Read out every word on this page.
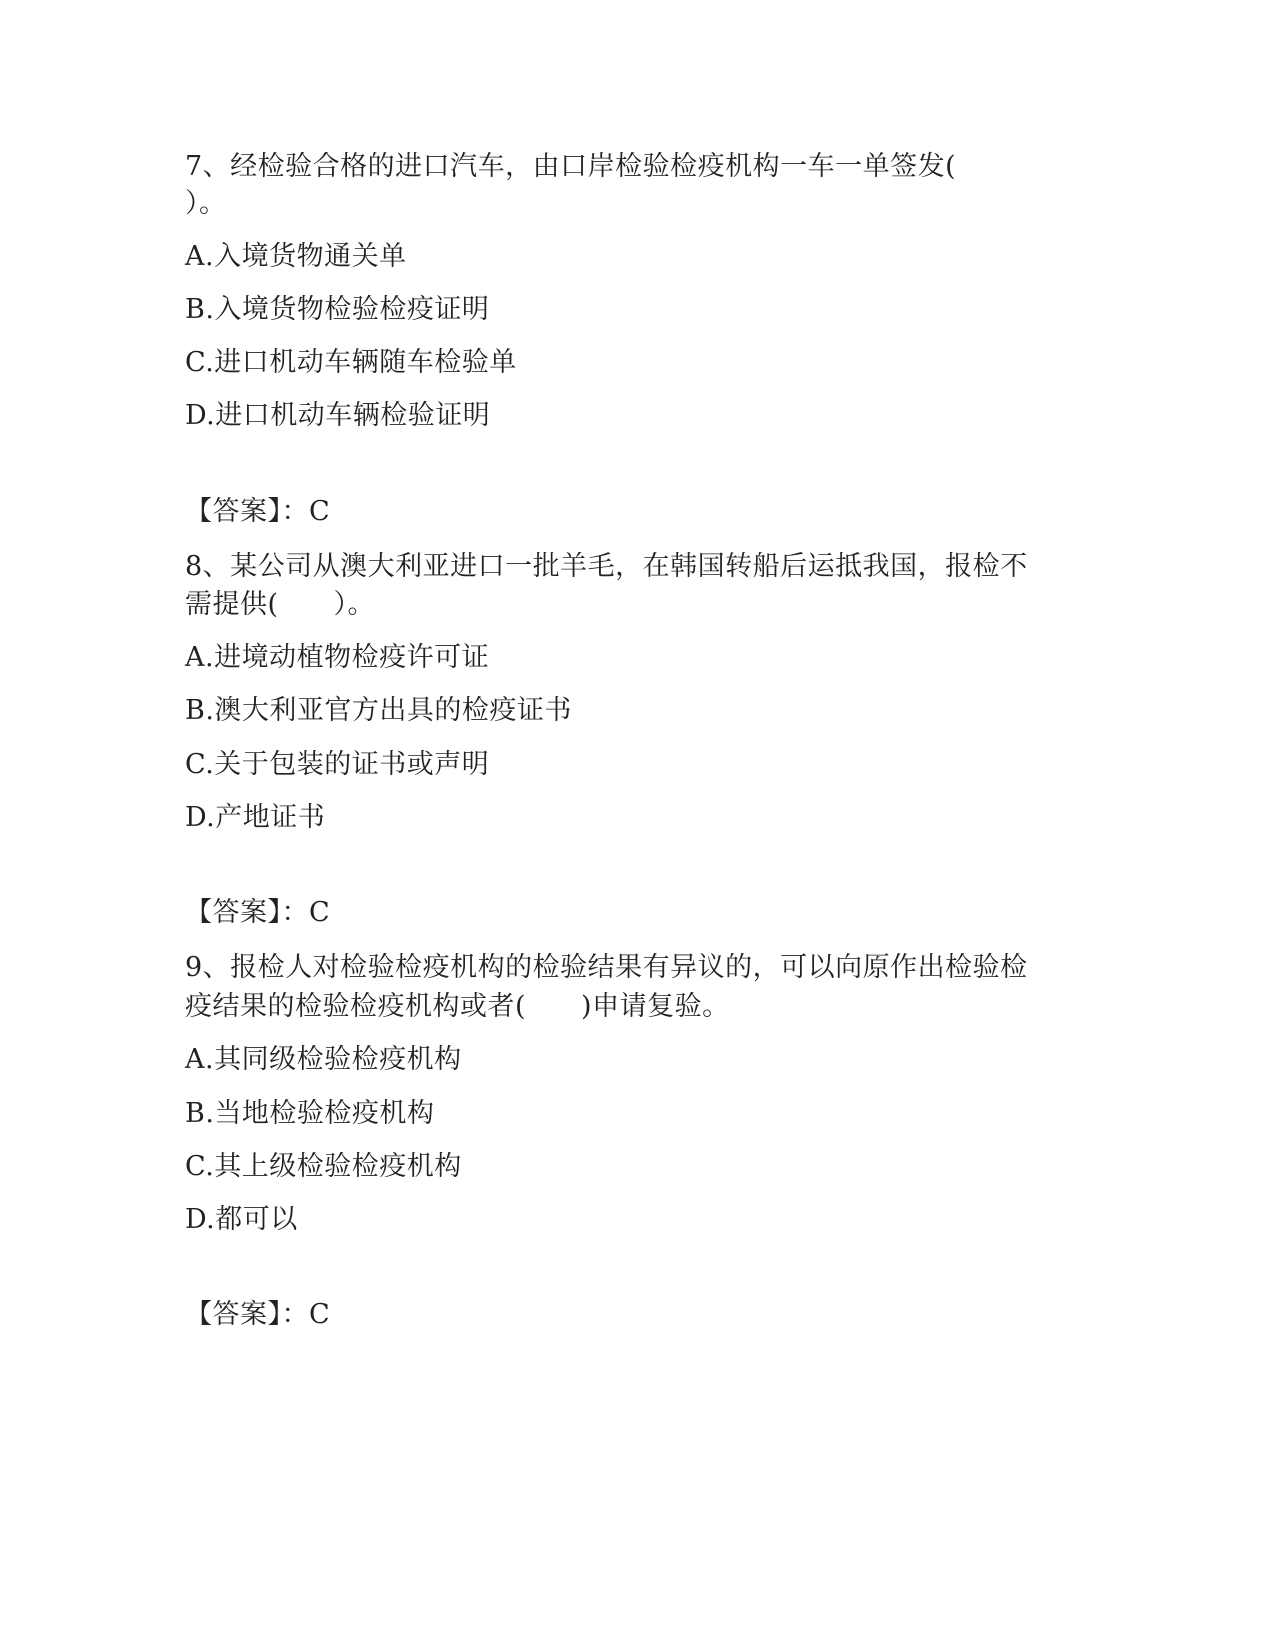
7、经检验合格的进口汽车，由口岸检验检疫机构一车一单签发(
）。
A.入境货物通关单
B.入境货物检验检疫证明
C.进口机动车辆随车检验单
D.进口机动车辆检验证明
【答案】：C
8、某公司从澳大利亚进口一批羊毛，在韩国转船后运抵我国，报检不
需提供(　　）。
A.进境动植物检疫许可证
B.澳大利亚官方出具的检疫证书
C.关于包装的证书或声明
D.产地证书
【答案】：C
9、报检人对检验检疫机构的检验结果有异议的，可以向原作出检验检
疫结果的检验检疫机构或者(　　)申请复验。
A.其同级检验检疫机构
B.当地检验检疫机构
C.其上级检验检疫机构
D.都可以
【答案】：C
